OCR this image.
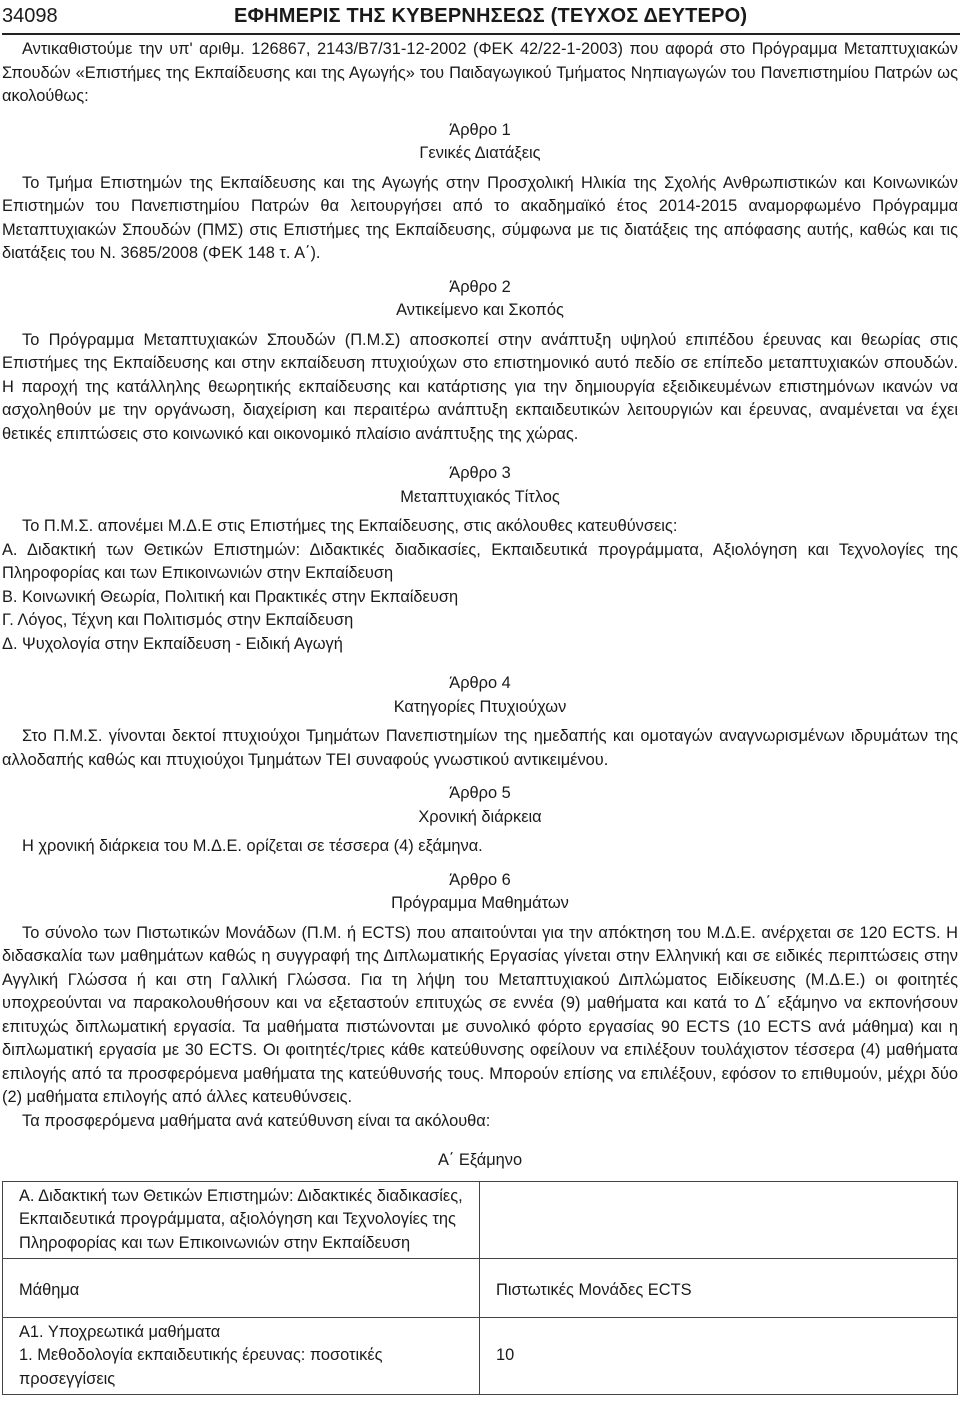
34098	ΕΦΗΜΕΡΙΣ ΤΗΣ ΚΥΒΕΡΝΗΣΕΩΣ (ΤΕΥΧΟΣ ΔΕΥΤΕΡΟ)

Αντικαθιστούμε την υπ' αριθμ. 126867, 2143/Β7/31-12-2002 (ΦΕΚ 42/22-1-2003) που αφορά στο Πρόγραμμα Μεταπτυχιακών Σπουδών «Επιστήμες της Εκπαίδευσης και της Αγωγής» του Παιδαγωγικού Τμήματος Νηπιαγωγών του Πανεπιστημίου Πατρών ως ακολούθως:

Άρθρο 1

Γενικές Διατάξεις

Το Τμήμα Επιστημών της Εκπαίδευσης και της Αγωγής στην Προσχολική Ηλικία της Σχολής Ανθρωπιστικών και Κοινωνικών Επιστημών του Πανεπιστημίου Πατρών θα λειτουργήσει από το ακαδημαϊκό έτος 2014-2015 αναμορφωμένο Πρόγραμμα Μεταπτυχιακών Σπουδών (ΠΜΣ) στις Επιστήμες της Εκπαίδευσης, σύμφωνα με τις διατάξεις της απόφασης αυτής, καθώς και τις διατάξεις του Ν. 3685/2008 (ΦΕΚ 148 τ. Α΄).

Άρθρο 2

Αντικείμενο και Σκοπός

Το Πρόγραμμα Μεταπτυχιακών Σπουδών (Π.Μ.Σ) αποσκοπεί στην ανάπτυξη υψηλού επιπέδου έρευνας και θεωρίας στις Επιστήμες της Εκπαίδευσης και στην εκπαίδευση πτυχιούχων στο επιστημονικό αυτό πεδίο σε επίπεδο μεταπτυχιακών σπουδών. Η παροχή της κατάλληλης θεωρητικής εκπαίδευσης και κατάρτισης για την δημιουργία εξειδικευμένων επιστημόνων ικανών να ασχοληθούν με την οργάνωση, διαχείριση και περαιτέρω ανάπτυξη εκπαιδευτικών λειτουργιών και έρευνας, αναμένεται να έχει θετικές επιπτώσεις στο κοινωνικό και οικονομικό πλαίσιο ανάπτυξης της χώρας.

Άρθρο 3

Μεταπτυχιακός Τίτλος

Το Π.Μ.Σ. απονέμει Μ.Δ.Ε στις Επιστήμες της Εκπαίδευσης, στις ακόλουθες κατευθύνσεις:

Α. Διδακτική των Θετικών Επιστημών: Διδακτικές διαδικασίες, Εκπαιδευτικά προγράμματα, Αξιολόγηση και Τεχνολογίες της Πληροφορίας και των Επικοινωνιών στην Εκπαίδευση
Β. Κοινωνική Θεωρία, Πολιτική και Πρακτικές στην Εκπαίδευση
Γ. Λόγος, Τέχνη και Πολιτισμός στην Εκπαίδευση
Δ. Ψυχολογία στην Εκπαίδευση - Ειδική Αγωγή

Άρθρο 4

Κατηγορίες Πτυχιούχων

Στο Π.Μ.Σ. γίνονται δεκτοί πτυχιούχοι Τμημάτων Πανεπιστημίων της ημεδαπής και ομοταγών αναγνωρισμένων ιδρυμάτων της αλλοδαπής καθώς και πτυχιούχοι Τμημάτων ΤΕΙ συναφούς γνωστικού αντικειμένου.

Άρθρο 5

Χρονική διάρκεια

Η χρονική διάρκεια του Μ.Δ.Ε. ορίζεται σε τέσσερα (4) εξάμηνα.

Άρθρο 6

Πρόγραμμα Μαθημάτων

Το σύνολο των Πιστωτικών Μονάδων (Π.Μ. ή ECTS) που απαιτούνται για την απόκτηση του Μ.Δ.Ε. ανέρχεται σε 120 ECTS. Η διδασκαλία των μαθημάτων καθώς η συγγραφή της Διπλωματικής Εργασίας γίνεται στην Ελληνική και σε ειδικές περιπτώσεις στην Αγγλική Γλώσσα ή και στη Γαλλική Γλώσσα. Για τη λήψη του Μεταπτυχιακού Διπλώματος Ειδίκευσης (Μ.Δ.Ε.) οι φοιτητές υποχρεούνται να παρακολουθήσουν και να εξεταστούν επιτυχώς σε εννέα (9) μαθήματα και κατά το Δ΄ εξάμηνο να εκπονήσουν επιτυχώς διπλωματική εργασία. Τα μαθήματα πιστώνονται με συνολικό φόρτο εργασίας 90 ECTS (10 ECTS ανά μάθημα) και η διπλωματική εργασία με 30 ECTS. Οι φοιτητές/τριες κάθε κατεύθυνσης οφείλουν να επιλέξουν τουλάχιστον τέσσερα (4) μαθήματα επιλογής από τα προσφερόμενα μαθήματα της κατεύθυνσής τους. Μπορούν επίσης να επιλέξουν, εφόσον το επιθυμούν, μέχρι δύο (2) μαθήματα επιλογής από άλλες κατευθύνσεις.

Τα προσφερόμενα μαθήματα ανά κατεύθυνση είναι τα ακόλουθα:

Α΄ Εξάμηνο

Α. Διδακτική των Θετικών Επιστημών: Διδακτικές διαδικασίες, Εκπαιδευτικά προγράμματα, αξιολόγηση και Τεχνολογίες της Πληροφορίας και των Επικοινωνιών στην Εκπαίδευση	
Μάθημα	Πιστωτικές Μονάδες ECTS

Α1. Υποχρεωτικά μαθήματα
1. Μεθοδολογία εκπαιδευτικής έρευνας: ποσοτικές προσεγγίσεις	10
